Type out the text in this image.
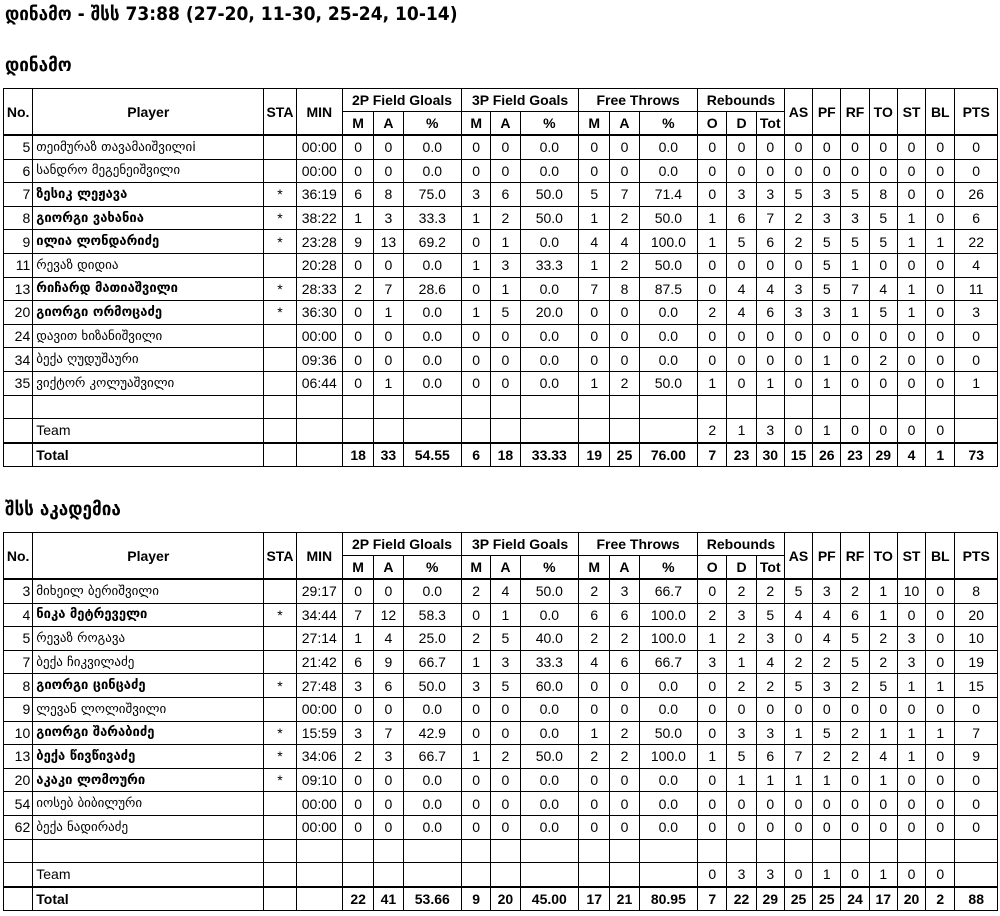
დინამო - შსს 73:88 (27-20, 11-30, 25-24, 10-14)
დინამო
No.	Player	STA	MIN	2P Field Gloals			3P Field Goals			Free Throws			Rebounds			AS	PF	RF	TO	ST	BL	PTS
				M	A	%	M	A	%	M	A	%	O	D	Tot							
5	თეიმურაზ თავამაიშვილიi		00:00	0	0	0.0	0	0	0.0	0	0	0.0	0	0	0	0	0	0	0	0	0	0
6	სანდრო მეგენეიშვილი		00:00	0	0	0.0	0	0	0.0	0	0	0.0	0	0	0	0	0	0	0	0	0	0
7	ზესიკ ლეჟავა	*	36:19	6	8	75.0	3	6	50.0	5	7	71.4	0	3	3	5	3	5	8	0	0	26
8	გიორგი ვახანია	*	38:22	1	3	33.3	1	2	50.0	1	2	50.0	1	6	7	2	3	3	5	1	0	6
9	ილია ლონდარიძე	*	23:28	9	13	69.2	0	1	0.0	4	4	100.0	1	5	6	2	5	5	5	1	1	22
11	რევაზ დიდია		20:28	0	0	0.0	1	3	33.3	1	2	50.0	0	0	0	0	5	1	0	0	0	4
13	რიჩარდ მათიაშვილი	*	28:33	2	7	28.6	0	1	0.0	7	8	87.5	0	4	4	3	5	7	4	1	0	11
20	გიორგი ორმოცაძე	*	36:30	0	1	0.0	1	5	20.0	0	0	0.0	2	4	6	3	3	1	5	1	0	3
24	დავით ხიზანიშვილი		00:00	0	0	0.0	0	0	0.0	0	0	0.0	0	0	0	0	0	0	0	0	0	0
34	ბექა ღუდუშაური		09:36	0	0	0.0	0	0	0.0	0	0	0.0	0	0	0	0	1	0	2	0	0	0
35	ვიქტორ კოლუაშვილი		06:44	0	1	0.0	0	0	0.0	1	2	50.0	1	0	1	0	1	0	0	0	0	1

	Team												2	1	3	0	1	0	0	0	0	
	Total			18	33	54.55	6	18	33.33	19	25	76.00	7	23	30	15	26	23	29	4	1	73
შსს აკადემია
No.	Player	STA	MIN	2P Field Gloals			3P Field Goals			Free Throws			Rebounds			AS	PF	RF	TO	ST	BL	PTS
				M	A	%	M	A	%	M	A	%	O	D	Tot							
3	მიხეილ ბერიშვილი		29:17	0	0	0.0	2	4	50.0	2	3	66.7	0	2	2	5	3	2	1	10	0	8
4	ნიკა მეტრეველი	*	34:44	7	12	58.3	0	1	0.0	6	6	100.0	2	3	5	4	4	6	1	0	0	20
5	რევაზ როგავა		27:14	1	4	25.0	2	5	40.0	2	2	100.0	1	2	3	0	4	5	2	3	0	10
7	ბექა ჩიკვილაძე		21:42	6	9	66.7	1	3	33.3	4	6	66.7	3	1	4	2	2	5	2	3	0	19
8	გიორგი ცინცაძე	*	27:48	3	6	50.0	3	5	60.0	0	0	0.0	0	2	2	5	3	2	5	1	1	15
9	ლევან ლოლიშვილი		00:00	0	0	0.0	0	0	0.0	0	0	0.0	0	0	0	0	0	0	0	0	0	0
10	გიორგი შარაბიძე	*	15:59	3	7	42.9	0	0	0.0	1	2	50.0	0	3	3	1	5	2	1	1	1	7
13	ბექა წივწივაძე	*	34:06	2	3	66.7	1	2	50.0	2	2	100.0	1	5	6	7	2	2	4	1	0	9
20	აკაკი ლომოური	*	09:10	0	0	0.0	0	0	0.0	0	0	0.0	0	1	1	1	1	0	1	0	0	0
54	იოსებ ბიბილური		00:00	0	0	0.0	0	0	0.0	0	0	0.0	0	0	0	0	0	0	0	0	0	0
62	ბექა ნადირაძე		00:00	0	0	0.0	0	0	0.0	0	0	0.0	0	0	0	0	0	0	0	0	0	0

	Team												0	3	3	0	1	0	1	0	0	
	Total			22	41	53.66	9	20	45.00	17	21	80.95	7	22	29	25	25	24	17	20	2	88
